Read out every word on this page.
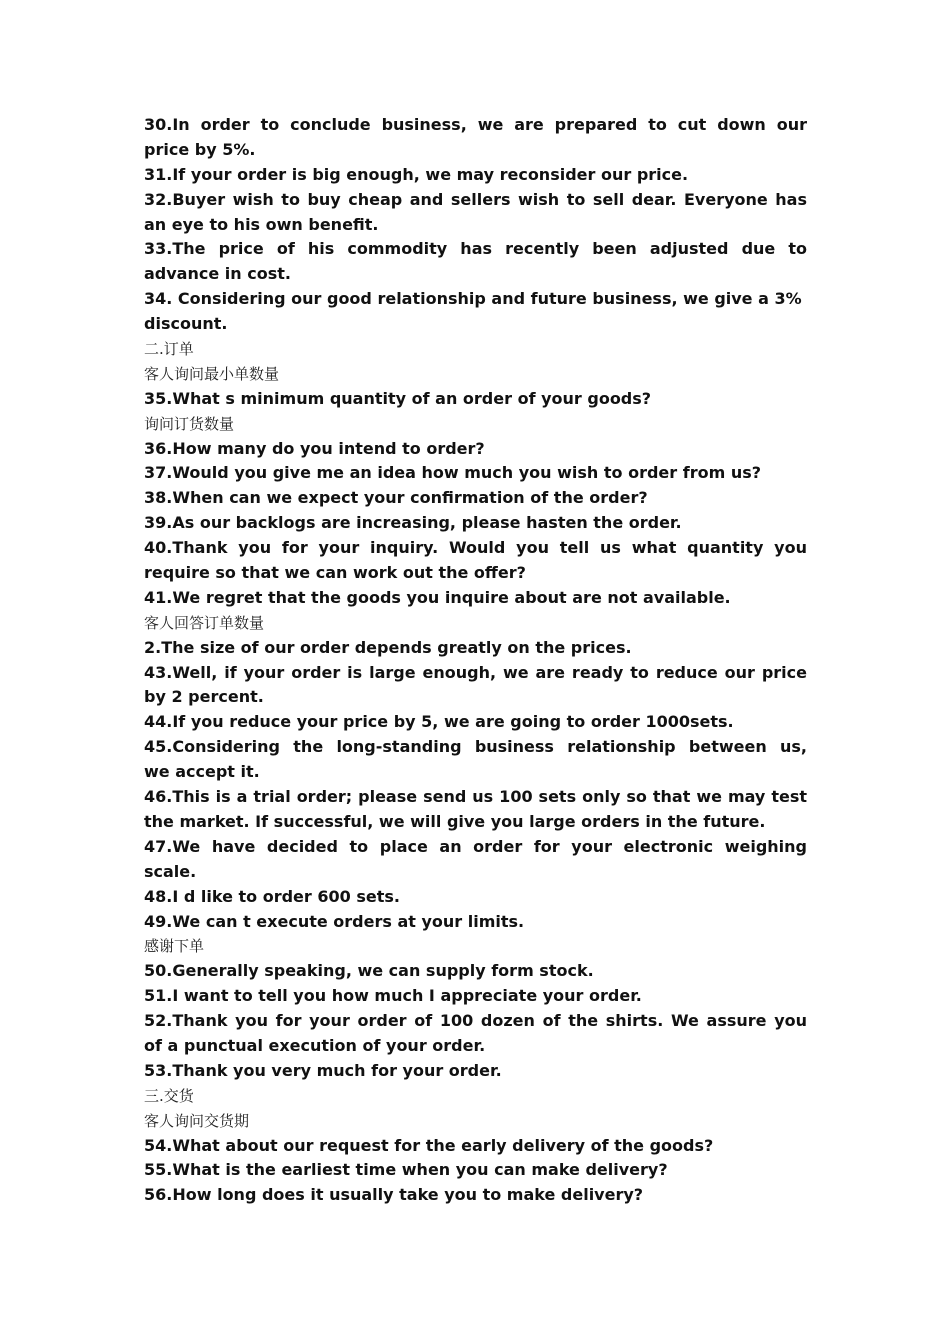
30.In order to conclude business, we are prepared to cut down our
price by 5%.
31.If your order is big enough, we may reconsider our price.
32.Buyer wish to buy cheap and sellers wish to sell dear. Everyone has
an eye to his own benefit.
33.The price of his commodity has recently been adjusted due to
advance in cost.
34. Considering our good relationship and future business, we give a 3%
discount.
二.订单
客人询问最小单数量
35.What s minimum quantity of an order of your goods?
询问订货数量
36.How many do you intend to order?
37.Would you give me an idea how much you wish to order from us?
38.When can we expect your confirmation of the order?
39.As our backlogs are increasing, please hasten the order.
40.Thank you for your inquiry. Would you tell us what quantity you
require so that we can work out the offer?
41.We regret that the goods you inquire about are not available.
客人回答订单数量
2.The size of our order depends greatly on the prices.
43.Well, if your order is large enough, we are ready to reduce our price
by 2 percent.
44.If you reduce your price by 5, we are going to order 1000sets.
45.Considering the long-standing business relationship between us,
we accept it.
46.This is a trial order; please send us 100 sets only so that we may test
the market. If successful, we will give you large orders in the future.
47.We have decided to place an order for your electronic weighing
scale.
48.I d like to order 600 sets.
49.We can t execute orders at your limits.
感谢下单
50.Generally speaking, we can supply form stock.
51.I want to tell you how much I appreciate your order.
52.Thank you for your order of 100 dozen of the shirts. We assure you
of a punctual execution of your order.
53.Thank you very much for your order.
三.交货
客人询问交货期
54.What about our request for the early delivery of the goods?
55.What is the earliest time when you can make delivery?
56.How long does it usually take you to make delivery?
